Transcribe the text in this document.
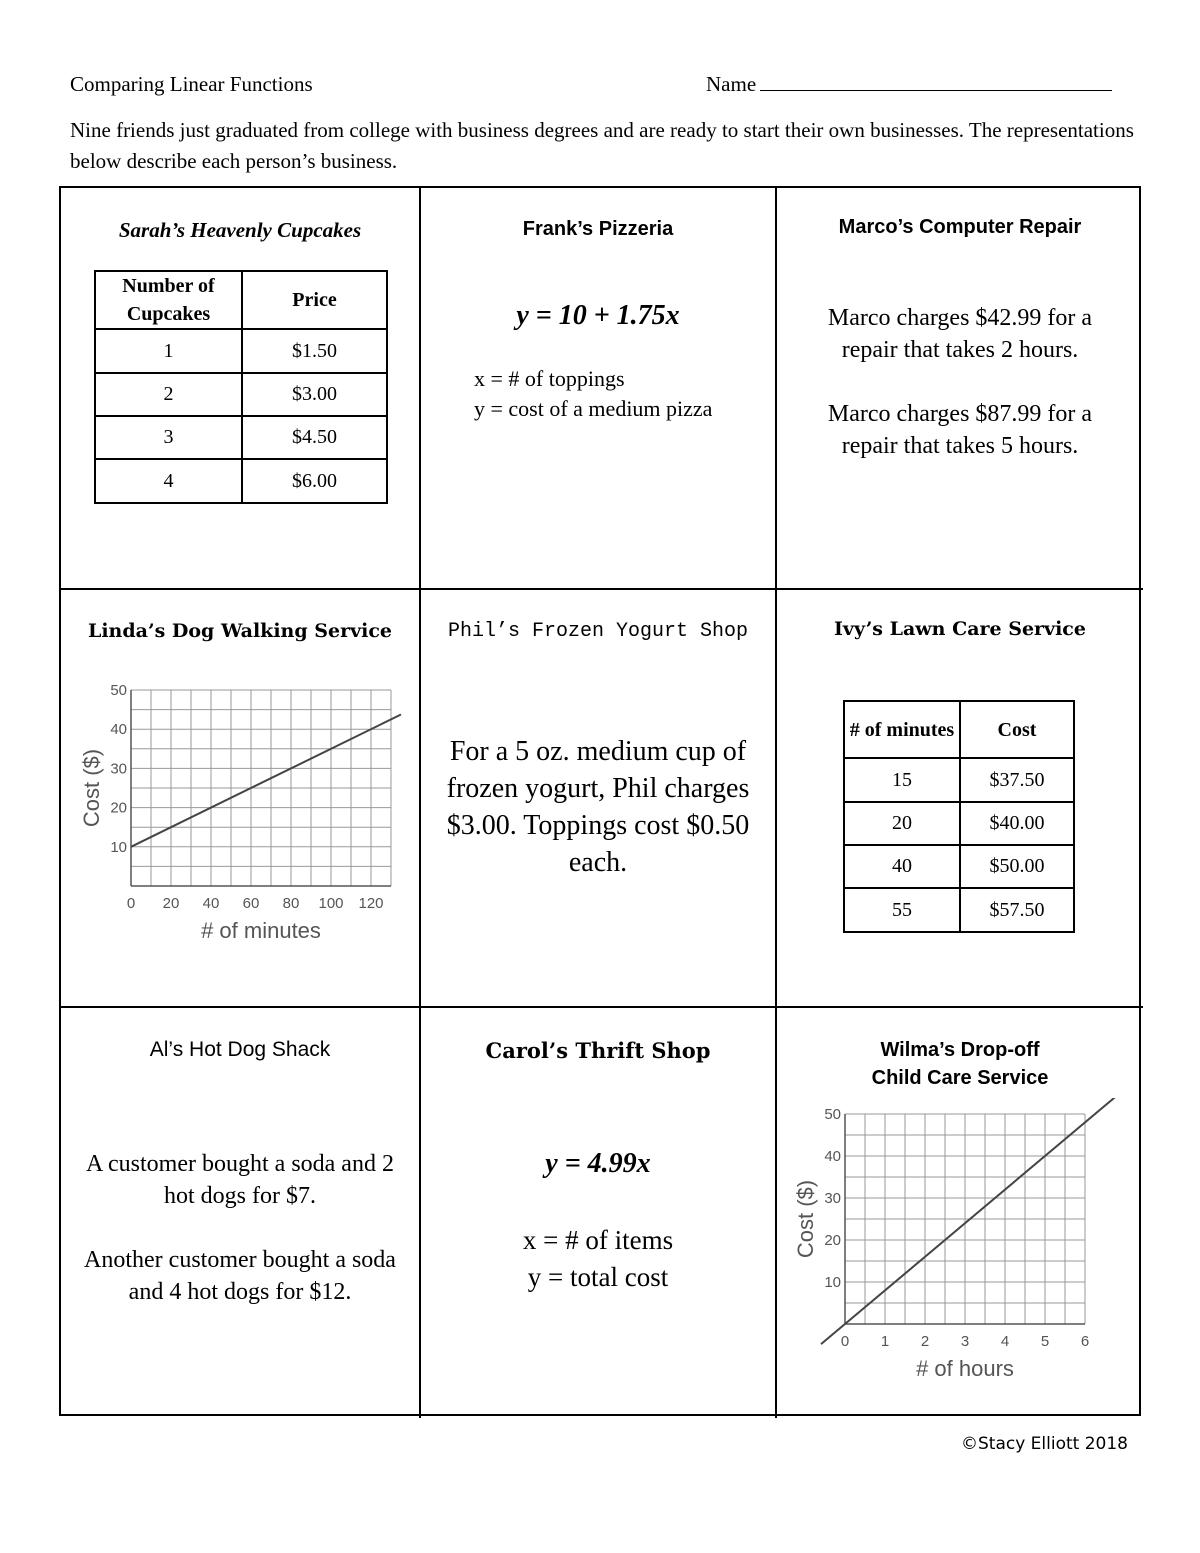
Comparing Linear Functions	Name
Nine friends just graduated from college with business degrees and are ready to start their own businesses. The representations below describe each person’s business.
Sarah’s Heavenly Cupcakes
Number of Cupcakes	Price
1	$1.50
2	$3.00
3	$4.50
4	$6.00
Frank’s Pizzeria
y = 10 + 1.75x
x = # of toppings
y = cost of a medium pizza
Marco’s Computer Repair
Marco charges $42.99 for a repair that takes 2 hours.
Marco charges $87.99 for a repair that takes 5 hours.
Linda’s Dog Walking Service
0 20 40 60 80 100 120
10
20
30
40
50
# of minutes
Cost ($)
Phil’s Frozen Yogurt Shop
For a 5 oz. medium cup of frozen yogurt, Phil charges $3.00. Toppings cost $0.50 each.
Ivy’s Lawn Care Service
# of minutes	Cost
15	$37.50
20	$40.00
40	$50.00
55	$57.50
Al’s Hot Dog Shack
A customer bought a soda and 2 hot dogs for $7.
Another customer bought a soda and 4 hot dogs for $12.
Carol’s Thrift Shop
y = 4.99x
x = # of items
y = total cost
Wilma’s Drop-off
Child Care Service
0 1 2 3 4 5 6
10
20
30
40
50
# of hours
Cost ($)
©Stacy Elliott 2018
